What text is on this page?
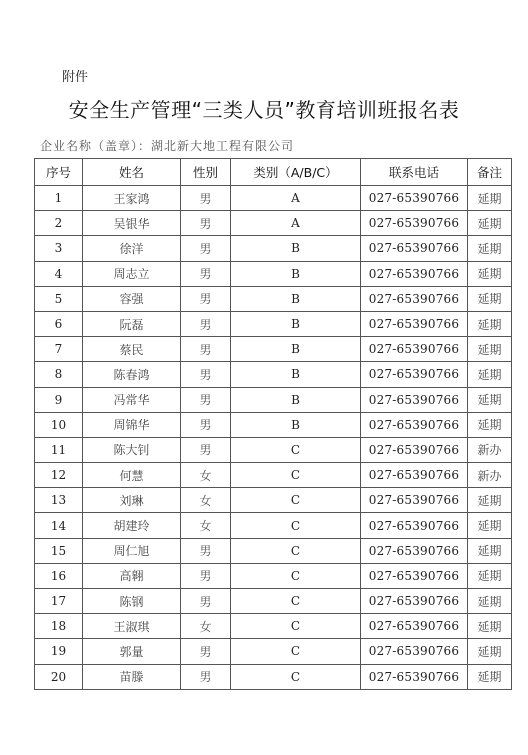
附件
安全生产管理“三类人员”教育培训班报名表
企业名称（盖章）：湖北新大地工程有限公司
序号	姓名	性别	类别（A/B/C）	联系电话	备注
1	王家鸿	男	A	027-65390766	延期
2	吴银华	男	A	027-65390766	延期
3	徐洋	男	B	027-65390766	延期
4	周志立	男	B	027-65390766	延期
5	容强	男	B	027-65390766	延期
6	阮磊	男	B	027-65390766	延期
7	蔡民	男	B	027-65390766	延期
8	陈春鸿	男	B	027-65390766	延期
9	冯常华	男	B	027-65390766	延期
10	周锦华	男	B	027-65390766	延期
11	陈大钊	男	C	027-65390766	新办
12	何慧	女	C	027-65390766	新办
13	刘琳	女	C	027-65390766	延期
14	胡建玲	女	C	027-65390766	延期
15	周仁旭	男	C	027-65390766	延期
16	高翱	男	C	027-65390766	延期
17	陈钢	男	C	027-65390766	延期
18	王淑琪	女	C	027-65390766	延期
19	郭量	男	C	027-65390766	延期
20	苗滕	男	C	027-65390766	延期
